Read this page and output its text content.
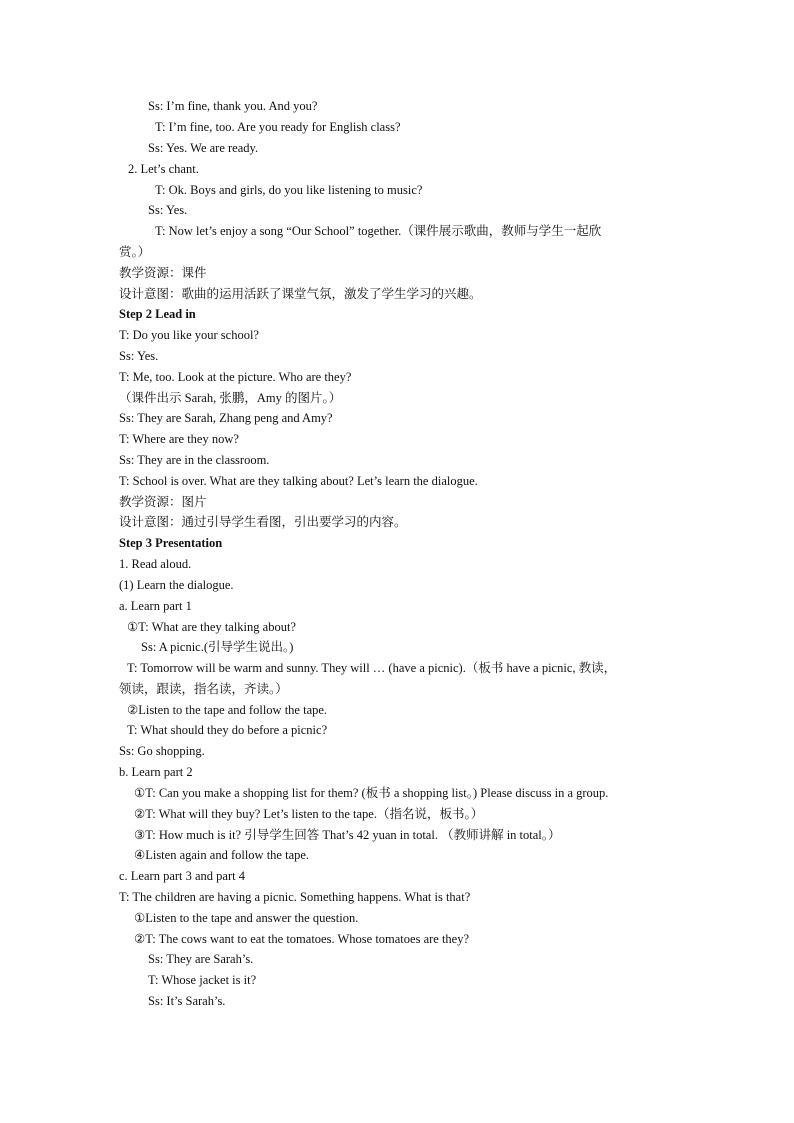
Ss: I’m fine, thank you. And you?
T: I’m fine, too. Are you ready for English class?
Ss: Yes. We are ready.
2. Let’s chant.
T: Ok. Boys and girls, do you like listening to music?
Ss: Yes.
T: Now let’s enjoy a song “Our School” together.（课件展示歌曲，教师与学生一起欣
赏。）
教学资源：课件
设计意图：歌曲的运用活跃了课堂气氛，激发了学生学习的兴趣。
Step 2 Lead in
T: Do you like your school?
Ss: Yes.
T: Me, too. Look at the picture. Who are they?
（课件出示 Sarah, 张鹏，Amy 的图片。）
Ss: They are Sarah, Zhang peng and Amy?
T: Where are they now?
Ss: They are in the classroom.
T: School is over. What are they talking about? Let’s learn the dialogue.
教学资源：图片
设计意图：通过引导学生看图，引出要学习的内容。
Step 3 Presentation
1. Read aloud.
(1) Learn the dialogue.
a. Learn part 1
①T: What are they talking about?
Ss: A picnic.(引导学生说出。)
T: Tomorrow will be warm and sunny. They will … (have a picnic).（板书 have a picnic, 教读，
领读，跟读，指名读，齐读。）
②Listen to the tape and follow the tape.
T: What should they do before a picnic?
Ss: Go shopping.
b. Learn part 2
①T: Can you make a shopping list for them? (板书 a shopping list。) Please discuss in a group.
②T: What will they buy? Let’s listen to the tape.（指名说，板书。）
③T: How much is it? 引导学生回答 That’s 42 yuan in total. （教师讲解 in total。）
④Listen again and follow the tape.
c. Learn part 3 and part 4
T: The children are having a picnic. Something happens. What is that?
①Listen to the tape and answer the question.
②T: The cows want to eat the tomatoes. Whose tomatoes are they?
Ss: They are Sarah’s.
T: Whose jacket is it?
Ss: It’s Sarah’s.
